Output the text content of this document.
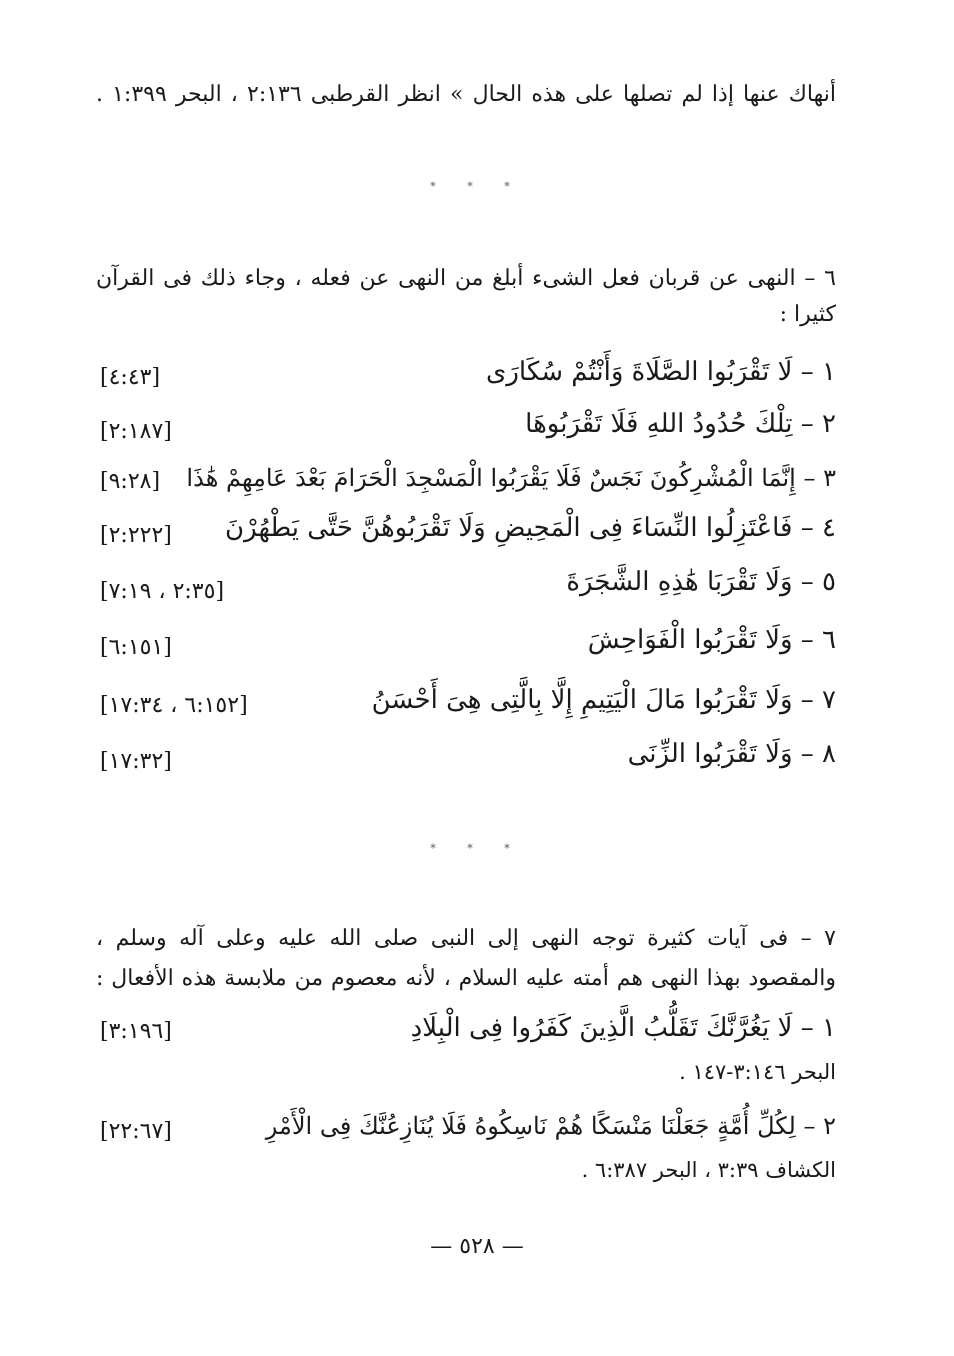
أنهاك عنها إذا لم تصلها على هذه الحال » انظر القرطبى ٢:١٣٦ ، البحر ١:٣٩٩ .
* * *
٦ – النهى عن قربان فعل الشىء أبلغ من النهى عن فعله ، وجاء ذلك فى القرآن
كثيرا :
١ – لَا تَقْرَبُوا الصَّلَاةَ وَأَنْتُمْ سُكَارَى
[٤:٤٣]
٢ – تِلْكَ حُدُودُ اللهِ فَلَا تَقْرَبُوهَا
[٢:١٨٧]
٣ – إِنَّمَا الْمُشْرِكُونَ نَجَسٌ فَلَا يَقْرَبُوا الْمَسْجِدَ الْحَرَامَ بَعْدَ عَامِهِمْ هَٰذَا
[٩:٢٨]
٤ – فَاعْتَزِلُوا النِّسَاءَ فِى الْمَحِيضِ وَلَا تَقْرَبُوهُنَّ حَتَّى يَطْهُرْنَ
[٢:٢٢٢]
٥ – وَلَا تَقْرَبَا هَٰذِهِ الشَّجَرَةَ
[٢:٣٥ ، ٧:١٩]
٦ – وَلَا تَقْرَبُوا الْفَوَاحِشَ
[٦:١٥١]
٧ – وَلَا تَقْرَبُوا مَالَ الْيَتِيمِ إِلَّا بِالَّتِى هِىَ أَحْسَنُ
[٦:١٥٢ ، ١٧:٣٤]
٨ – وَلَا تَقْرَبُوا الزِّنَى
[١٧:٣٢]
* * *
٧ – فى آيات كثيرة توجه النهى إلى النبى صلى الله عليه وعلى آله وسلم ،
والمقصود بهذا النهى هم أمته عليه السلام ، لأنه معصوم من ملابسة هذه الأفعال :
١ – لَا يَغُرَّنَّكَ تَقَلُّبُ الَّذِينَ كَفَرُوا فِى الْبِلَادِ
[٣:١٩٦]
البحر ٣:١٤٦-١٤٧ .
٢ – لِكُلِّ أُمَّةٍ جَعَلْنَا مَنْسَكًا هُمْ نَاسِكُوهُ فَلَا يُنَازِعُنَّكَ فِى الْأَمْرِ
[٢٢:٦٧]
الكشاف ٣:٣٩ ، البحر ٦:٣٨٧ .
— ٥٢٨ —
